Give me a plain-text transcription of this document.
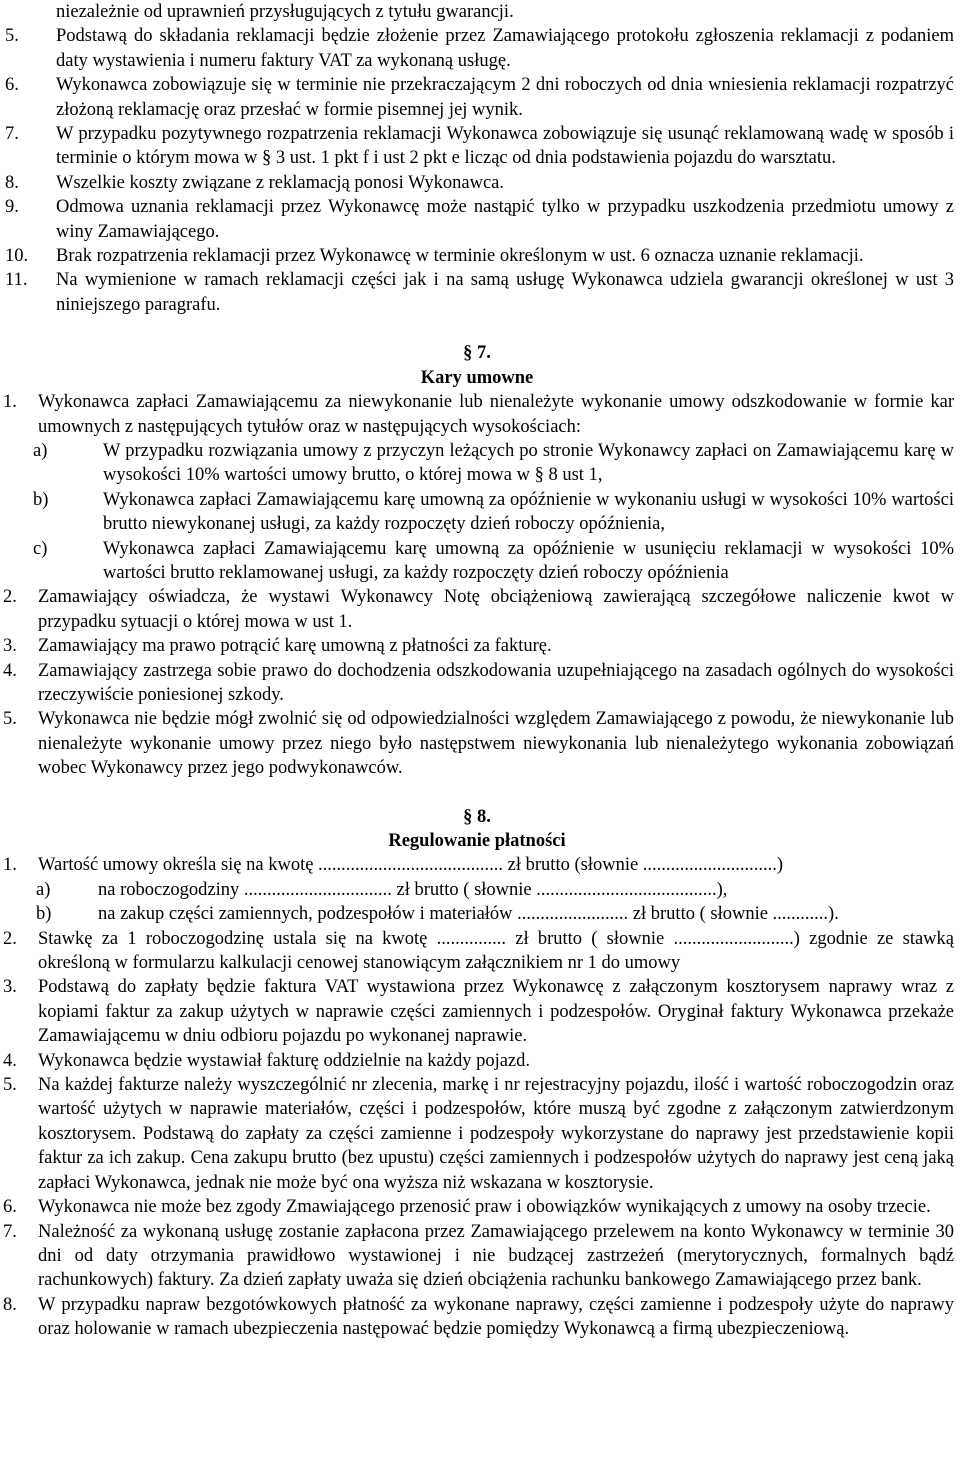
niezależnie od uprawnień przysługujących z tytułu gwarancji.
5.	Podstawą do składania reklamacji będzie złożenie przez Zamawiającego protokołu zgłoszenia reklamacji z podaniem daty wystawienia i numeru faktury VAT za wykonaną usługę.
6.	Wykonawca zobowiązuje się w terminie nie przekraczającym 2 dni roboczych od dnia wniesienia reklamacji rozpatrzyć złożoną reklamację oraz przesłać w formie pisemnej jej wynik.
7.	W przypadku pozytywnego rozpatrzenia reklamacji Wykonawca zobowiązuje się usunąć reklamowaną wadę w sposób i terminie o którym mowa w § 3 ust. 1 pkt f i ust 2 pkt e licząc od dnia podstawienia pojazdu do warsztatu.
8.	Wszelkie koszty związane z reklamacją ponosi Wykonawca.
9.	Odmowa uznania reklamacji przez Wykonawcę może nastąpić tylko w przypadku uszkodzenia przedmiotu umowy z winy Zamawiającego.
10.	Brak rozpatrzenia reklamacji przez Wykonawcę w terminie określonym w ust. 6 oznacza uznanie reklamacji.
11.	Na wymienione w ramach reklamacji części jak i na samą usługę Wykonawca udziela gwarancji określonej w ust 3 niniejszego paragrafu.
§ 7.
Kary umowne
1.	Wykonawca zapłaci Zamawiającemu za niewykonanie lub nienależyte wykonanie umowy odszkodowanie w formie kar umownych z następujących tytułów oraz w następujących wysokościach:
a)	W przypadku rozwiązania umowy z przyczyn leżących po stronie Wykonawcy zapłaci on Zamawiającemu karę w wysokości 10% wartości umowy brutto, o której mowa w § 8 ust 1,
b)	Wykonawca zapłaci Zamawiającemu karę umowną za opóźnienie w wykonaniu usługi w wysokości 10% wartości brutto niewykonanej usługi, za każdy rozpoczęty dzień roboczy opóźnienia,
c)	Wykonawca zapłaci Zamawiającemu karę umowną za opóźnienie w usunięciu reklamacji w wysokości 10% wartości brutto reklamowanej usługi, za każdy rozpoczęty dzień roboczy opóźnienia
2.	Zamawiający oświadcza, że wystawi Wykonawcy Notę obciążeniową zawierającą szczegółowe naliczenie kwot w przypadku sytuacji o której mowa w ust 1.
3.	Zamawiający ma prawo potrącić karę umowną z płatności za fakturę.
4.	Zamawiający zastrzega sobie prawo do dochodzenia odszkodowania uzupełniającego na zasadach ogólnych do wysokości rzeczywiście poniesionej szkody.
5.	Wykonawca nie będzie mógł zwolnić się od odpowiedzialności względem Zamawiającego z powodu, że niewykonanie lub nienależyte wykonanie umowy przez niego było następstwem niewykonania lub nienależytego wykonania zobowiązań wobec Wykonawcy przez jego podwykonawców.
§ 8.
Regulowanie płatności
1.	Wartość umowy określa się na kwotę ........................................ zł brutto (słownie .............................)
a)	na roboczogodziny ................................ zł brutto ( słownie .......................................),
b)	na zakup części zamiennych, podzespołów i materiałów ........................ zł brutto ( słownie ............).
2.	Stawkę za 1 roboczogodzinę ustala się na kwotę ............... zł brutto ( słownie ..........................) zgodnie ze stawką określoną w formularzu kalkulacji cenowej stanowiącym załącznikiem nr 1 do umowy
3.	Podstawą do zapłaty będzie faktura VAT wystawiona przez Wykonawcę z załączonym kosztorysem naprawy wraz z kopiami faktur za zakup użytych w naprawie części zamiennych i podzespołów. Oryginał faktury Wykonawca przekaże Zamawiającemu w dniu odbioru pojazdu po wykonanej naprawie.
4.	Wykonawca będzie wystawiał fakturę oddzielnie na każdy pojazd.
5.	Na każdej fakturze należy wyszczególnić nr zlecenia, markę i nr rejestracyjny pojazdu, ilość i wartość roboczogodzin oraz wartość użytych w naprawie materiałów, części i podzespołów, które muszą być zgodne z załączonym zatwierdzonym kosztorysem. Podstawą do zapłaty za części zamienne i podzespoły wykorzystane do naprawy jest przedstawienie kopii faktur za ich zakup. Cena zakupu brutto (bez upustu) części zamiennych i podzespołów użytych do naprawy jest ceną jaką zapłaci Wykonawca, jednak nie może być ona wyższa niż wskazana w kosztorysie.
6.	Wykonawca nie może bez zgody Zmawiającego przenosić praw i obowiązków wynikających z umowy na osoby trzecie.
7.	Należność za wykonaną usługę zostanie zapłacona przez Zamawiającego przelewem na konto Wykonawcy w terminie 30 dni od daty otrzymania prawidłowo wystawionej i nie budzącej zastrzeżeń (merytorycznych, formalnych bądź rachunkowych) faktury. Za dzień zapłaty uważa się dzień obciążenia rachunku bankowego Zamawiającego przez bank.
8.	W przypadku napraw bezgotówkowych płatność za wykonane naprawy, części zamienne i podzespoły użyte do naprawy oraz holowanie w ramach ubezpieczenia następować będzie pomiędzy Wykonawcą a firmą ubezpieczeniową.
